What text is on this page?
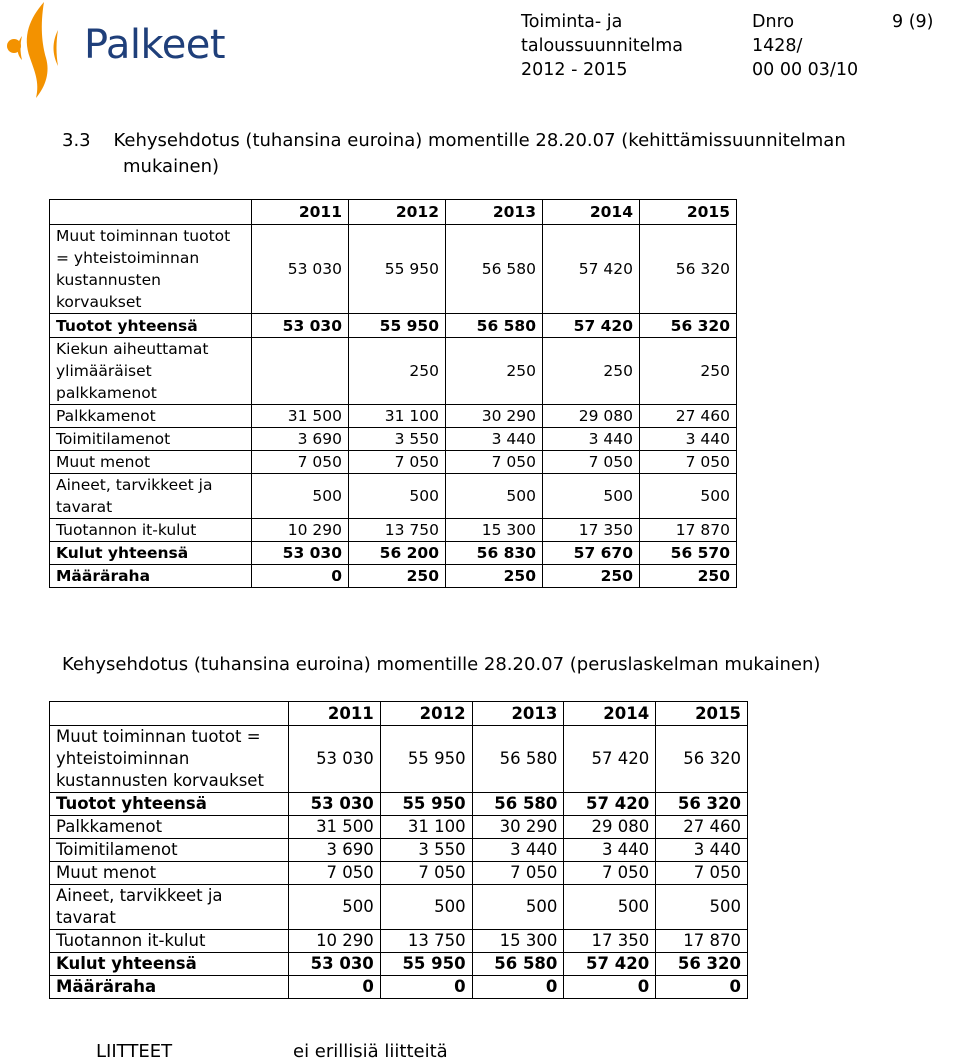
Palkeet	Toiminta- ja
taloussuunnitelma
2012 - 2015
Dnro
1428/
00 00 03/10
9 (9)
3.3    Kehysehdotus (tuhansina euroina) momentille 28.20.07 (kehittämissuunnitelman
mukainen)
	2011	2012	2013	2014	2015
Muut toiminnan tuotot = yhteistoiminnan kustannusten korvaukset	53 030	55 950	56 580	57 420	56 320
Tuotot yhteensä	53 030	55 950	56 580	57 420	56 320
Kiekun aiheuttamat ylimääräiset palkkamenot		250	250	250	250
Palkkamenot	31 500	31 100	30 290	29 080	27 460
Toimitilamenot	3 690	3 550	3 440	3 440	3 440
Muut menot	7 050	7 050	7 050	7 050	7 050
Aineet, tarvikkeet ja tavarat	500	500	500	500	500
Tuotannon it-kulut	10 290	13 750	15 300	17 350	17 870
Kulut yhteensä	53 030	56 200	56 830	57 670	56 570
Määräraha	0	250	250	250	250
Kehysehdotus (tuhansina euroina) momentille 28.20.07 (peruslaskelman mukainen)
	2011	2012	2013	2014	2015
Muut toiminnan tuotot = yhteistoiminnan kustannusten korvaukset	53 030	55 950	56 580	57 420	56 320
Tuotot yhteensä	53 030	55 950	56 580	57 420	56 320
Palkkamenot	31 500	31 100	30 290	29 080	27 460
Toimitilamenot	3 690	3 550	3 440	3 440	3 440
Muut menot	7 050	7 050	7 050	7 050	7 050
Aineet, tarvikkeet ja tavarat	500	500	500	500	500
Tuotannon it-kulut	10 290	13 750	15 300	17 350	17 870
Kulut yhteensä	53 030	55 950	56 580	57 420	56 320
Määräraha	0	0	0	0	0
LIITTEET	ei erillisiä liitteitä
